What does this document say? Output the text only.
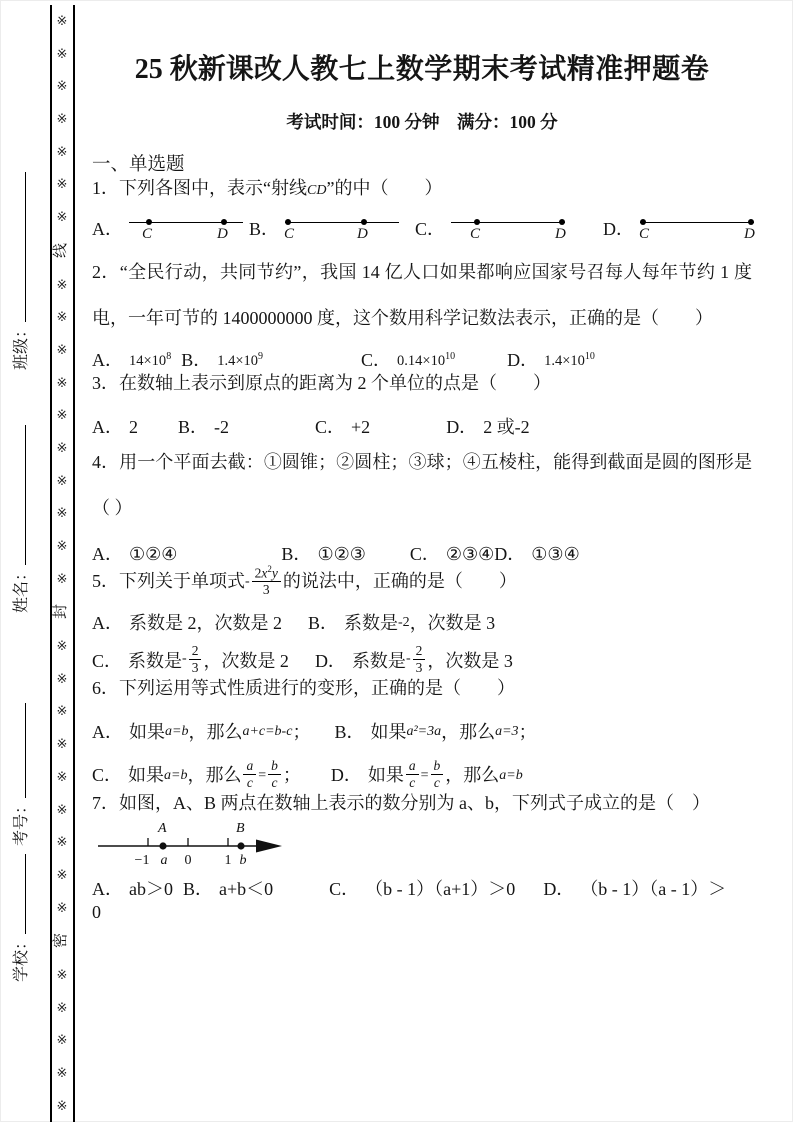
学校：考号：姓名：班级：
※
※
※
※
※
※
※
线
※
※
※
※
※
※
※
※
※
※
封
※
※
※
※
※
※
※
※
※
密
※
※
※
※
※
25 秋新课改人教七上数学期末考试精准押题卷

考试时间：100 分钟　满分：100 分

一、单选题

1．下列各图中，表示“射线CD”的中（　　）

A． C	D B． C	D	C． C	D D． C	D

2．“全民行动，共同节约”，我国 14 亿人口如果都响应国家号召每人每年节约 1 度电，一年可节的 1400000000 度，这个数用科学记数法表示，正确的是（　　）

A． $14\times 10^8$ B． $1.4\times 10^9$	C． $0.14\times 10^{10}$	D． $1.4\times 10^{10}$

3．在数轴上表示到原点的距离为 2 个单位的点是（　　）

A． 2 B． -2	C． +2	D． 2 或-2

4．用一个平面去截：①圆锥；②圆柱；③球；④五棱柱，能得到截面是圆的图形是（ ）

A． ①②④	B． ①②③ C． ②③④ D． ①③④

5．下列关于单项式- $\frac{2x^2y}{3}$ 的说法中，正确的是（　　）

A． 系数是 2，次数是 2 B． 系数是 -2 ，次数是 3
C． 系数是 - $\frac{2}{3}$ ，次数是 2 D． 系数是 - $\frac{2}{3}$ ，次数是 3

6．下列运用等式性质进行的变形，正确的是（　　）

A． 如果 a=b ，那么 a+c=b-c ； B． 如果 a²=3a ，那么 a=3 ；
C． 如果 a=b ，那么 $\frac{a}{c} = \frac{b}{c}$ ； D． 如果 $\frac{a}{c} = \frac{b}{c}$ ，那么 a=b

7．如图，A、B 两点在数轴上表示的数分别为 a、b，下列式子成立的是（　）

A	B
−1 a 0 1 b
A． ab＞0 B． a+b＜0	C． （b - 1）（a+1）＞0 D． （b - 1）（a - 1）＞

0
